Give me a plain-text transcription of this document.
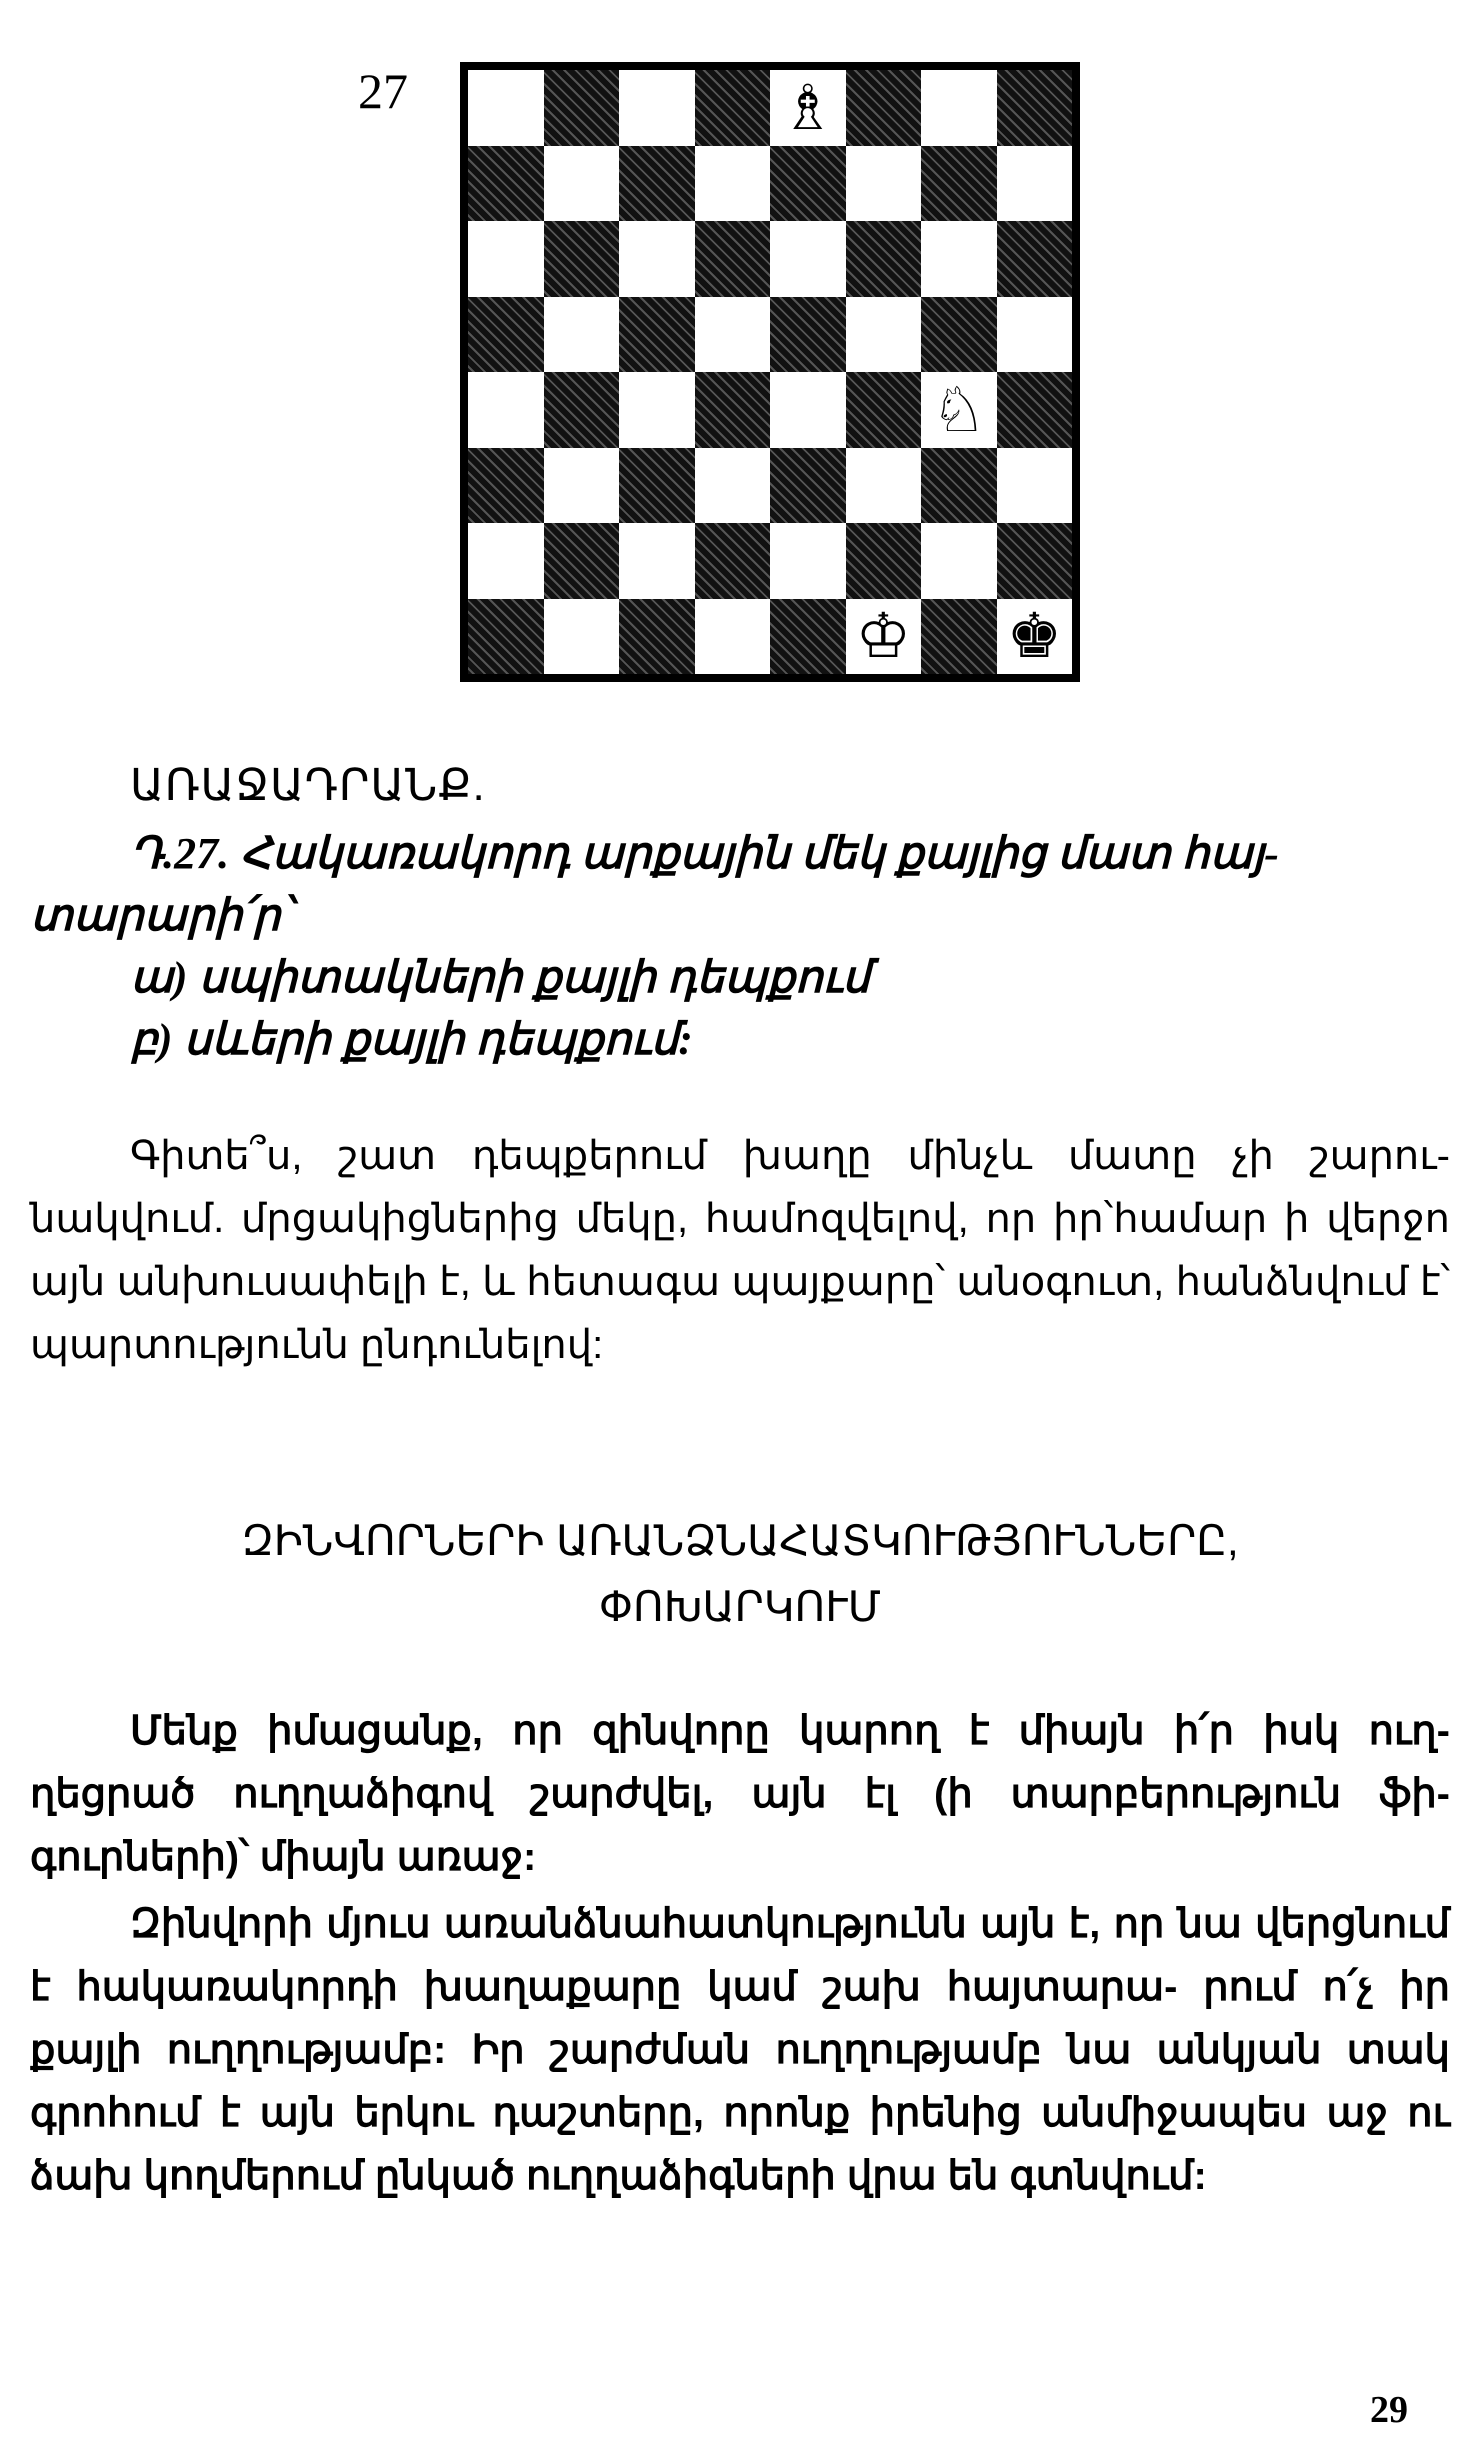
27	♗
♘
♔ ♚
ԱՌԱՋԱԴՐԱՆՔ.
Դ.27. Հակառակորդ արքային մեկ քայլից մատ հայ-
տարարի՛ր՝
ա) սպիտակների քայլի դեպքում
բ) սևերի քայլի դեպքում:
Գիտե՞ս, շատ դեպքերում խաղը մինչև մատը չի շարու- նակվում. մրցակիցներից մեկը, համոզվելով, որ իր՝համար ի վերջո այն անխուսափելի է, և հետագա պայքարը՝ անօգուտ, հանձնվում է՝ պարտությունն ընդունելով:
ԶԻՆՎՈՐՆԵՐԻ ԱՌԱՆՁՆԱՀԱՏԿՈՒԹՅՈՒՆՆԵՐԸ,
ՓՈԽԱՐԿՈՒՄ
Մենք իմացանք, որ զինվորը կարող է միայն ի՛ր իսկ ուղ- ղեցրած ուղղաձիգով շարժվել, այն էլ (ի տարբերություն ֆի- գուրների)՝ միայն առաջ:
Զինվորի մյուս առանձնահատկությունն այն է, որ նա վերցնում է հակառակորդի խաղաքարը կամ շախ հայտարա- րում ո՛չ իր քայլի ուղղությամբ: Իր շարժման ուղղությամբ նա անկյան տակ գրոհում է այն երկու դաշտերը, որոնք իրենից անմիջապես աջ ու ձախ կողմերում ընկած ուղղաձիգների վրա են գտնվում:
29
